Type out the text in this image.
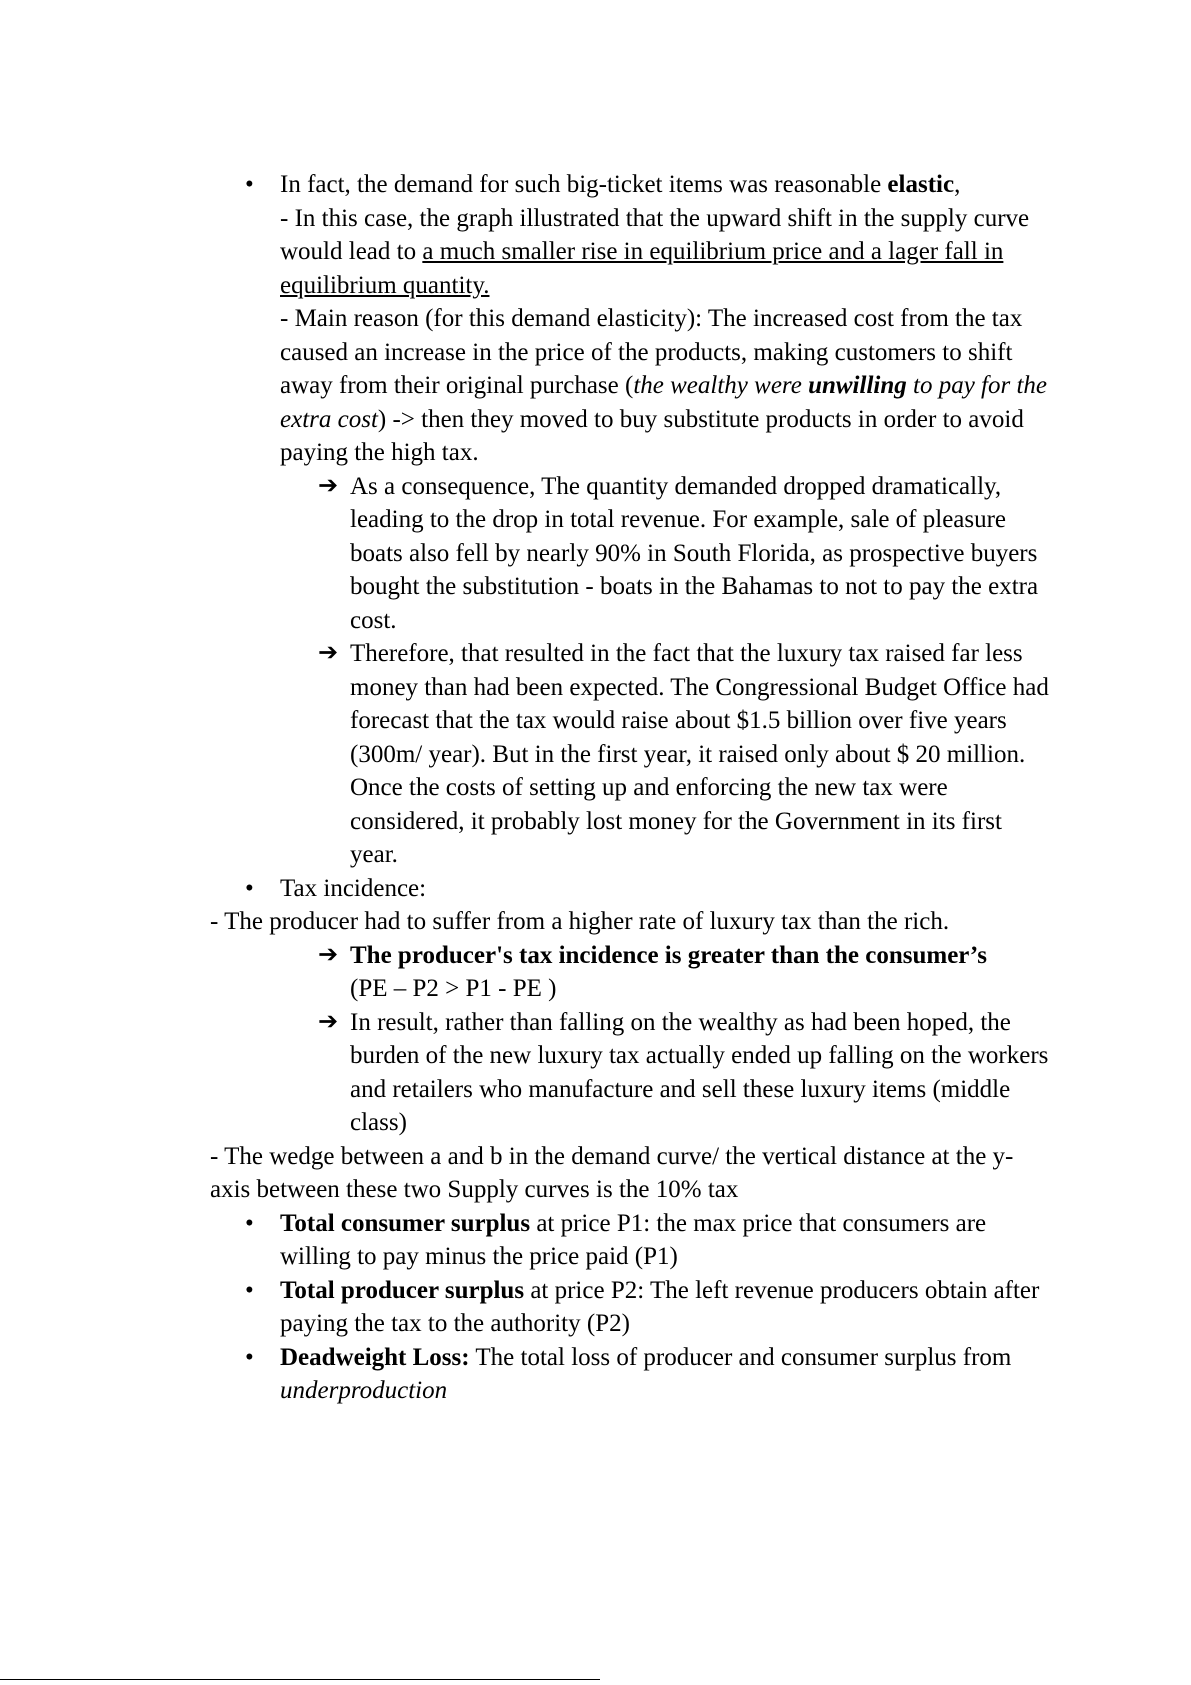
•	In fact, the demand for such big-ticket items was reasonable elastic,

- In this case, the graph illustrated that the upward shift in the supply curve would lead to a much smaller rise in equilibrium price and a lager fall in equilibrium quantity.

- Main reason (for this demand elasticity): The increased cost from the tax caused an increase in the price of the products, making customers to shift away from their original purchase (the wealthy were unwilling to pay for the extra cost) -> then they moved to buy substitute products in order to avoid paying the high tax.

➔ As a consequence, The quantity demanded dropped dramatically, leading to the drop in total revenue. For example, sale of pleasure boats also fell by nearly 90% in South Florida, as prospective buyers bought the substitution - boats in the Bahamas to not to pay the extra cost.

➔ Therefore, that resulted in the fact that the luxury tax raised far less money than had been expected. The Congressional Budget Office had forecast that the tax would raise about $1.5 billion over five years (300m/ year). But in the first year, it raised only about $ 20 million. Once the costs of setting up and enforcing the new tax were considered, it probably lost money for the Government in its first year.

•	Tax incidence:

- The producer had to suffer from a higher rate of luxury tax than the rich.

➔ The producer's tax incidence is greater than the consumer’s

(PE – P2 > P1 - PE )

➔ In result, rather than falling on the wealthy as had been hoped, the burden of the new luxury tax actually ended up falling on the workers and retailers who manufacture and sell these luxury items (middle class)

- The wedge between a and b in the demand curve/ the vertical distance at the y-axis between these two Supply curves is the 10% tax

•	Total consumer surplus at price P1: the max price that consumers are willing to pay minus the price paid (P1)

•	Total producer surplus at price P2: The left revenue producers obtain after paying the tax to the authority (P2)

•	Deadweight Loss: The total loss of producer and consumer surplus from underproduction
